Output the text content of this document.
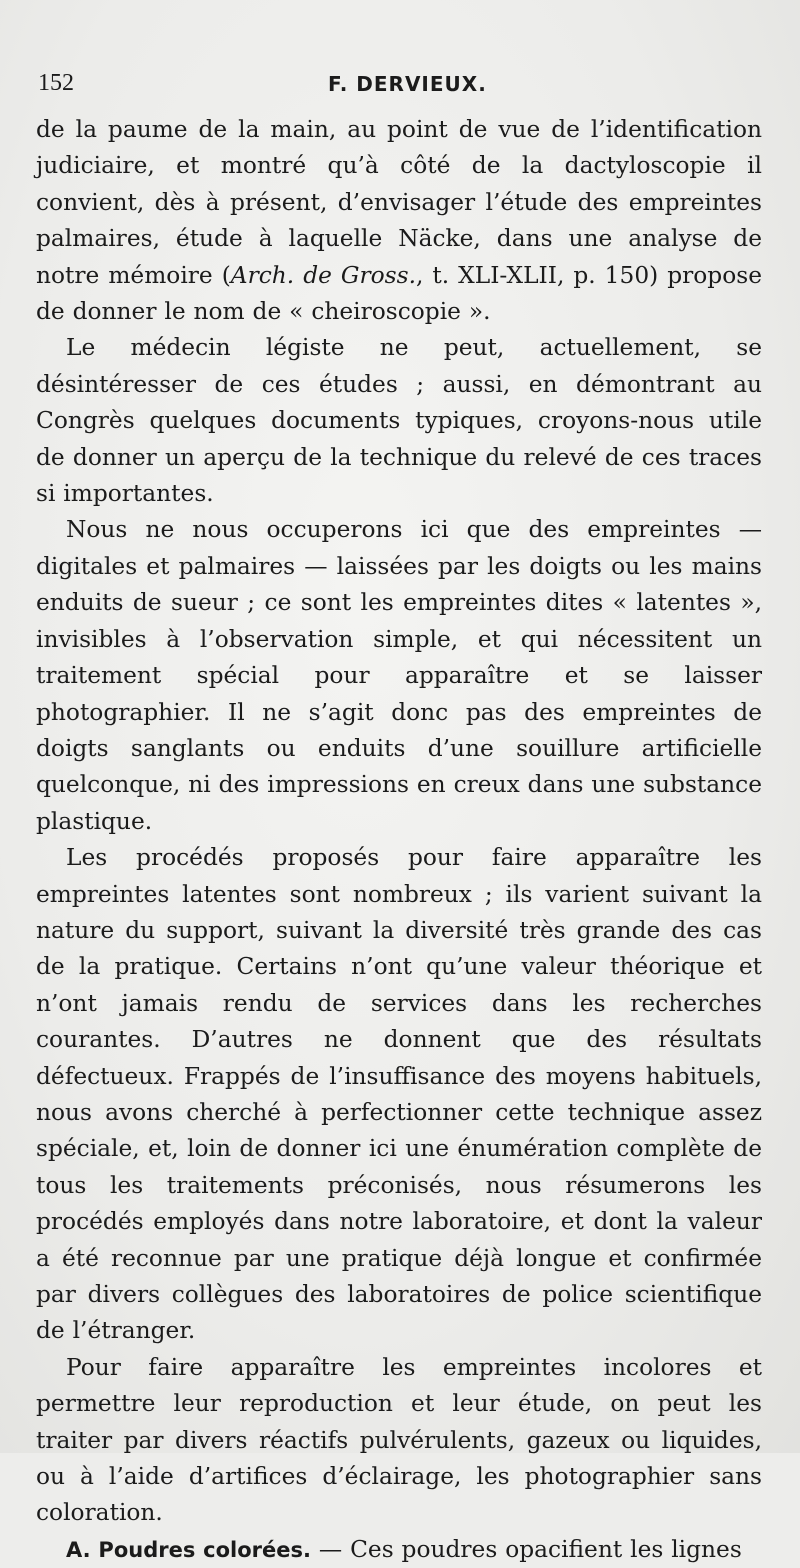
152	F. DERVIEUX.

de la paume de la main, au point de vue de l’identification judiciaire, et montré qu’à côté de la dactyloscopie il convient, dès à présent, d’envisager l’étude des empreintes palmaires, étude à laquelle Näcke, dans une analyse de notre mémoire (Arch. de Gross., t. XLI-XLII, p. 150) propose de donner le nom de « cheiroscopie ».

Le médecin légiste ne peut, actuellement, se désintéresser de ces études ; aussi, en démontrant au Congrès quelques documents typiques, croyons-nous utile de donner un aperçu de la technique du relevé de ces traces si importantes.

Nous ne nous occuperons ici que des empreintes — digitales et palmaires — laissées par les doigts ou les mains enduits de sueur ; ce sont les empreintes dites « latentes », invisibles à l’observation simple, et qui nécessitent un traitement spécial pour apparaître et se laisser photographier. Il ne s’agit donc pas des empreintes de doigts sanglants ou enduits d’une souillure artificielle quelconque, ni des impressions en creux dans une substance plastique.

Les procédés proposés pour faire apparaître les empreintes latentes sont nombreux ; ils varient suivant la nature du support, suivant la diversité très grande des cas de la pratique. Certains n’ont qu’une valeur théorique et n’ont jamais rendu de services dans les recherches courantes. D’autres ne donnent que des résultats défectueux. Frappés de l’insuffisance des moyens habituels, nous avons cherché à perfectionner cette technique assez spéciale, et, loin de donner ici une énumération complète de tous les traitements préconisés, nous résumerons les procédés employés dans notre laboratoire, et dont la valeur a été reconnue par une pratique déjà longue et confirmée par divers collègues des laboratoires de police scientifique de l’étranger.

Pour faire apparaître les empreintes incolores et permettre leur reproduction et leur étude, on peut les traiter par divers réactifs pulvérulents, gazeux ou liquides, ou à l’aide d’artifices d’éclairage, les photographier sans coloration.

A. Poudres colorées. — Ces poudres opacifient les lignes
